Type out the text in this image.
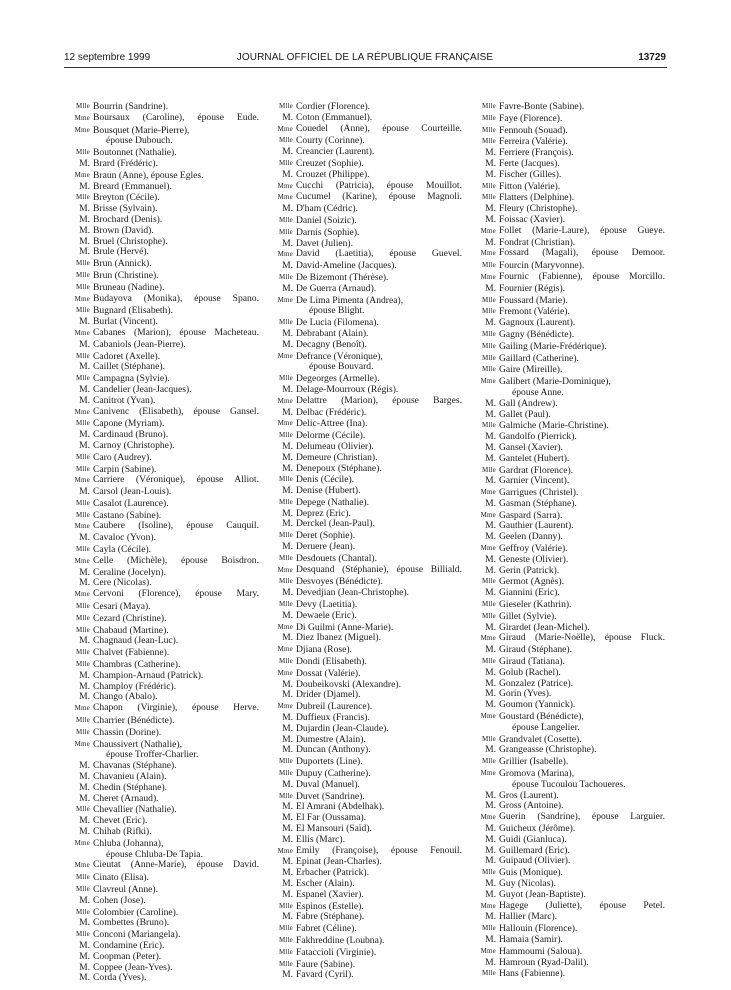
12 septembre 1999	JOURNAL OFFICIEL DE LA RÉPUBLIQUE FRANÇAISE	13729
Mlle Bourrin (Sandrine).
Mme Boursaux (Caroline), épouse Eude.
Mme Bousquet (Marie-Pierre),
épouse Dubouch.
Mlle Boutonnet (Nathalie).
M. Brard (Frédéric).
Mme Braun (Anne), épouse Egles.
M. Breard (Emmanuel).
Mlle Breyton (Cécile).
M. Brisse (Sylvain).
M. Brochard (Denis).
M. Brown (David).
M. Bruel (Christophe).
M. Brule (Hervé).
Mlle Brun (Annick).
Mlle Brun (Christine).
Mlle Bruneau (Nadine).
Mme Budayova (Monika), épouse Spano.
Mlle Bugnard (Elisabeth).
M. Burlat (Vincent).
Mme Cabanes (Marion), épouse Macheteau.
M. Cabaniols (Jean-Pierre).
Mlle Cadoret (Axelle).
M. Caillet (Stéphane).
Mlle Campagna (Sylvie).
M. Candelier (Jean-Jacques).
M. Canitrot (Yvan).
Mme Canivenc (Elisabeth), épouse Gansel.
Mlle Capone (Myriam).
M. Cardinaud (Bruno).
M. Carnoy (Christophe).
Mlle Caro (Audrey).
Mlle Carpin (Sabine).
Mme Carriere (Véronique), épouse Alliot.
M. Carsol (Jean-Louis).
Mlle Casalot (Laurence).
Mlle Castano (Sabine).
Mme Caubere (Isoline), épouse Cauquil.
M. Cavaloc (Yvon).
Mlle Cayla (Cécile).
Mme Celle (Michèle), épouse Boisdron.
M. Ceraline (Jocelyn).
M. Cere (Nicolas).
Mme Cervoni (Florence), épouse Mary.
Mlle Cesari (Maya).
Mlle Cezard (Christine).
Mlle Chabaud (Martine).
M. Chagnaud (Jean-Luc).
Mlle Chalvet (Fabienne).
Mlle Chambras (Catherine).
M. Champion-Arnaud (Patrick).
M. Champloy (Frédéric).
M. Chango (Abalo).
Mme Chapon (Virginie), épouse Herve.
Mlle Charrier (Bénédicte).
Mlle Chassin (Dorine).
Mme Chaussivert (Nathalie),
épouse Troffer-Charlier.
M. Chavanas (Stéphane).
M. Chavanieu (Alain).
M. Chedin (Stéphane).
M. Cheret (Arnaud).
Mlle Chevallier (Nathalie).
M. Chevet (Eric).
M. Chihab (Rifki).
Mme Chluba (Johanna),
épouse Chluba-De Tapia.
Mme Cieutat (Anne-Marie), épouse David.
Mlle Cinato (Elisa).
Mlle Clavreul (Anne).
M. Cohen (Jose).
Mlle Colombier (Caroline).
M. Combettes (Bruno).
Mlle Conconi (Mariangela).
M. Condamine (Eric).
M. Coopman (Peter).
M. Coppee (Jean-Yves).
M. Corda (Yves).
Mlle Cordier (Florence).
M. Coton (Emmanuel).
Mme Couedel (Anne), épouse Courteille.
Mlle Courty (Corinne).
M. Creancier (Laurent).
Mlle Creuzet (Sophie).
M. Crouzet (Philippe).
Mme Cucchi (Patricia), épouse Mouillot.
Mme Cucumel (Karine), épouse Magnoli.
M. D'ham (Cédric).
Mlle Daniel (Soizic).
Mlle Darnis (Sophie).
M. Davet (Julien).
Mme David (Laetitia), épouse Guevel.
M. David-Ameline (Jacques).
Mlle De Bizemont (Thérèse).
M. De Guerra (Arnaud).
Mme De Lima Pimenta (Andrea),
épouse Blight.
Mlle De Lucia (Filomena).
M. Debrabant (Alain).
M. Decagny (Benoît).
Mme Defrance (Véronique),
épouse Bouvard.
Mlle Degeorges (Armelle).
M. Delage-Mourroux (Régis).
Mme Delattre (Marion), épouse Barges.
M. Delbac (Frédéric).
Mme Delic-Attree (Ina).
Mlle Delorme (Cécile).
M. Delumeau (Olivier).
M. Demeure (Christian).
M. Denepoux (Stéphane).
Mlle Denis (Cécile).
M. Denise (Hubert).
Mlle Depege (Nathalie).
M. Deprez (Eric).
M. Derckel (Jean-Paul).
Mlle Deret (Sophie).
M. Deruere (Jean).
Mlle Desdouets (Chantal).
Mme Desquand (Stéphanie), épouse Billiald.
Mlle Desvoyes (Bénédicte).
M. Devedjian (Jean-Christophe).
Mlle Devy (Laetitia).
M. Dewaele (Eric).
Mme Di Guilmi (Anne-Marie).
M. Diez Ibanez (Miguel).
Mme Djiana (Rose).
Mlle Dondi (Elisabeth).
Mme Dossat (Valérie).
M. Doubeikovski (Alexandre).
M. Drider (Djamel).
Mme Dubreil (Laurence).
M. Duffieux (Francis).
M. Dujardin (Jean-Claude).
M. Dumestre (Alain).
M. Duncan (Anthony).
Mlle Duportets (Line).
Mlle Dupuy (Catherine).
M. Duval (Manuel).
Mlle Duvet (Sandrine).
M. El Amrani (Abdelhak).
M. El Far (Oussama).
M. El Mansouri (Saïd).
M. Ellis (Marc).
Mme Emily (Françoise), épouse Fenouil.
M. Epinat (Jean-Charles).
M. Erbacher (Patrick).
M. Escher (Alain).
M. Espanel (Xavier).
Mlle Espinos (Estelle).
M. Fabre (Stéphane).
Mlle Fabret (Céline).
Mlle Fakhreddine (Loubna).
Mlle Fataccioli (Virginie).
Mlle Faure (Sabine).
M. Favard (Cyril).
Mlle Favre-Bonte (Sabine).
Mlle Faye (Florence).
Mlle Fennouh (Souad).
Mlle Ferreira (Valérie).
M. Ferriere (François).
M. Ferte (Jacques).
M. Fischer (Gilles).
Mlle Fitton (Valérie).
Mlle Flatters (Delphine).
M. Fleury (Christophe).
M. Foissac (Xavier).
Mme Follet (Marie-Laure), épouse Gueye.
M. Fondrat (Christian).
Mme Fossard (Magali), épouse Demoor.
Mlle Fourcin (Maryvonne).
Mme Fournic (Fabienne), épouse Morcillo.
M. Fournier (Régis).
Mlle Foussard (Marie).
Mlle Fremont (Valérie).
M. Gagnoux (Laurent).
Mlle Gagny (Bénédicte).
Mlle Gailing (Marie-Frédérique).
Mlle Gaillard (Catherine).
Mlle Gaire (Mireille).
Mme Galibert (Marie-Dominique),
épouse Anne.
M. Gall (Andrew).
M. Gallet (Paul).
Mlle Galmiche (Marie-Christine).
M. Gandolfo (Pierrick).
M. Gansel (Xavier).
M. Gantelet (Hubert).
Mlle Gardrat (Florence).
M. Garnier (Vincent).
Mme Garrigues (Christel).
M. Gasman (Stéphane).
Mme Gaspard (Sarra).
M. Gauthier (Laurent).
M. Geelen (Danny).
Mme Geffroy (Valérie).
M. Geneste (Olivier).
M. Gerin (Patrick).
Mlle Germot (Agnès).
M. Giannini (Eric).
Mlle Gieseler (Kathrin).
Mlle Gillet (Sylvie).
M. Girardet (Jean-Michel).
Mme Giraud (Marie-Noëlle), épouse Fluck.
M. Giraud (Stéphane).
Mlle Giraud (Tatiana).
M. Golub (Rachel).
M. Gonzalez (Patrice).
M. Gorin (Yves).
M. Goumon (Yannick).
Mme Goustard (Bénédicte),
épouse Langelier.
Mlle Grandvalet (Cosette).
M. Grangeasse (Christophe).
Mlle Grillier (Isabelle).
Mme Gromova (Marina),
épouse Tucoulou Tachoueres.
M. Gros (Laurent).
M. Gross (Antoine).
Mme Guerin (Sandrine), épouse Larguier.
M. Guicheux (Jérôme).
M. Guidi (Gianluca).
M. Guillemard (Eric).
M. Guipaud (Olivier).
Mlle Guis (Monique).
M. Guy (Nicolas).
M. Guyot (Jean-Baptiste).
Mme Hagege (Juliette), épouse Petel.
M. Hallier (Marc).
Mlle Hallouin (Florence).
M. Hamaia (Samir).
Mme Hammoumi (Saloua).
M. Hamroun (Ryad-Dalil).
Mlle Hans (Fabienne).
